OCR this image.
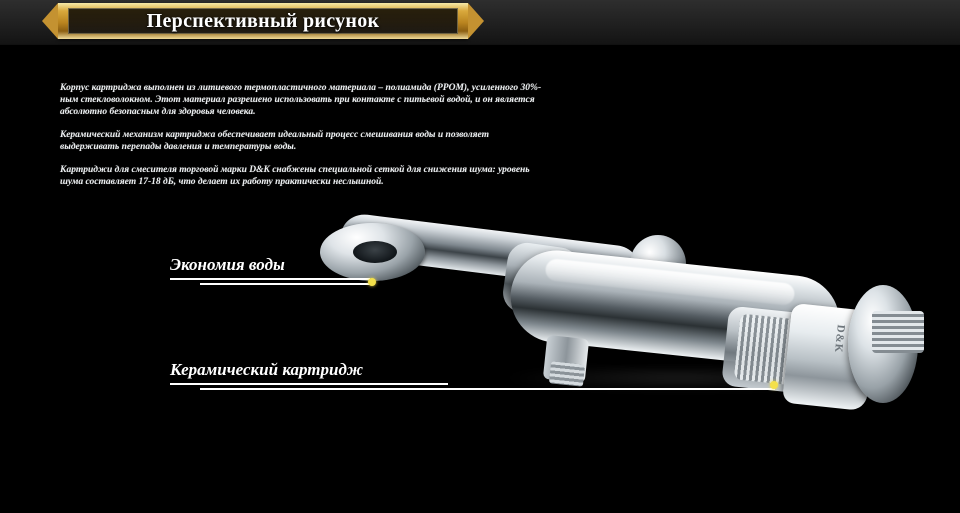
Перспективный рисунок

Корпус картриджа выполнен из литиевого термопластичного материала – полиамида (PPOM), усиленного 30%-ным стекловолокном. Этот материал разрешено использовать при контакте с питьевой водой, и он является абсолютно безопасным для здоровья человека.

Керамический механизм картриджа обеспечивает идеальный процесс смешивания воды и позволяет выдерживать перепады давления и температуры воды.

Картриджи для смесителя торговой марки D&K снабжены специальной сеткой для снижения шума: уровень шума составляет 17-18 дБ, что делает их работу практически неслышной.

D&K
Экономия воды
Керамический картридж
